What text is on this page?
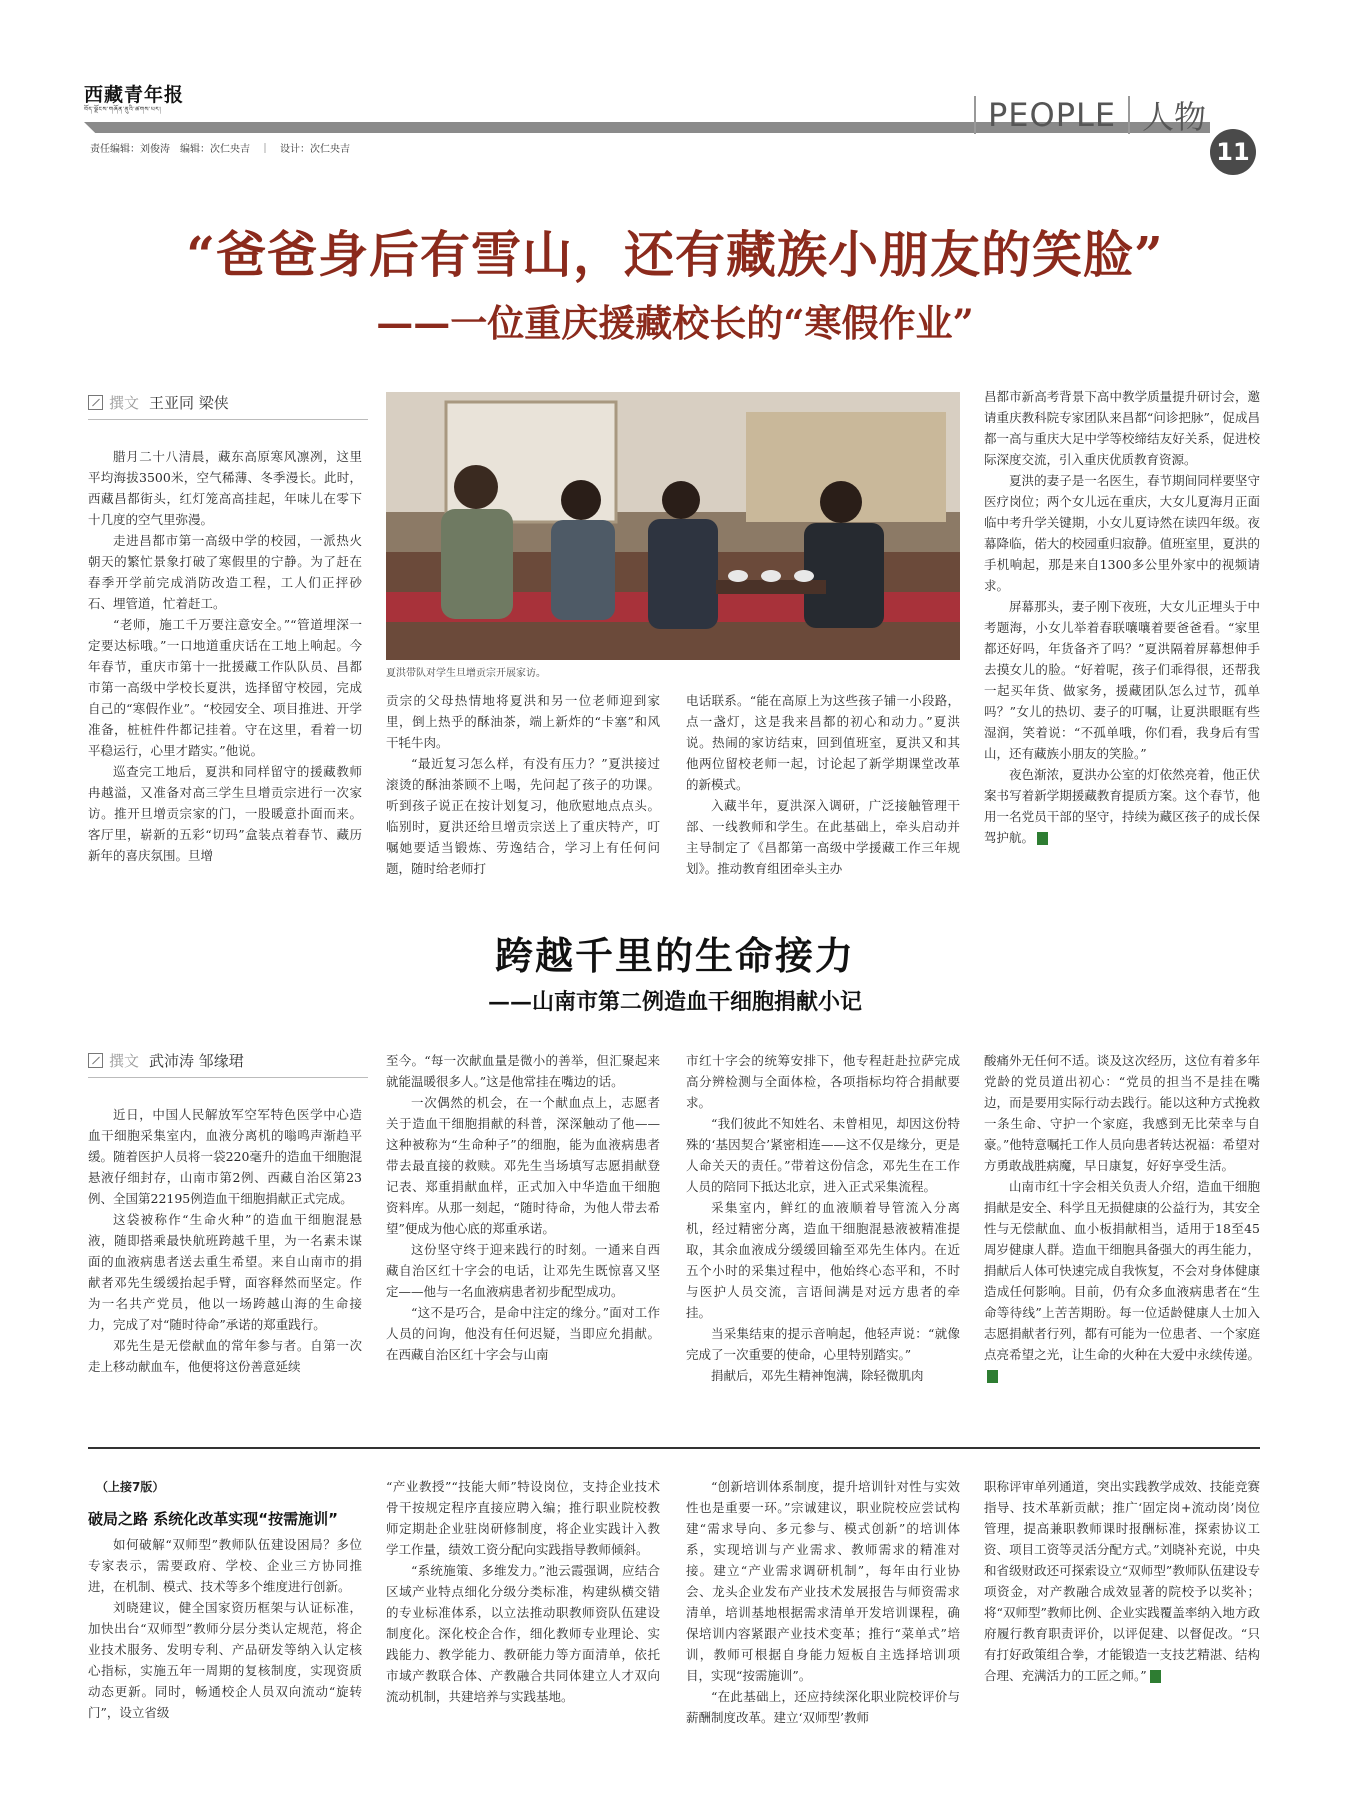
西藏青年报
བོད་ལྗོངས་གཞོན་ནུའི་ཚགས་པར།
责任编辑：刘俊涛　编辑：次仁央吉　｜　设计：次仁央吉
PEOPLE 人物
11
“爸爸身后有雪山，还有藏族小朋友的笑脸”
——一位重庆援藏校长的“寒假作业”
撰文 王亚同 梁侠

腊月二十八清晨，藏东高原寒风凛冽，这里平均海拔3500米，空气稀薄、冬季漫长。此时，西藏昌都街头，红灯笼高高挂起，年味儿在零下十几度的空气里弥漫。

走进昌都市第一高级中学的校园，一派热火朝天的繁忙景象打破了寒假里的宁静。为了赶在春季开学前完成消防改造工程，工人们正抨砂石、埋管道，忙着赶工。

“老师，施工千万要注意安全。”“管道埋深一定要达标哦。”一口地道重庆话在工地上响起。今年春节，重庆市第十一批援藏工作队队员、昌都市第一高级中学校长夏洪，选择留守校园，完成自己的“寒假作业”。“校园安全、项目推进、开学准备，桩桩件件都记挂着。守在这里，看着一切平稳运行，心里才踏实。”他说。

巡查完工地后，夏洪和同样留守的援藏教师冉越溢，又准备对高三学生旦增贡宗进行一次家访。推开旦增贡宗家的门，一股暖意扑面而来。客厅里，崭新的五彩“切玛”盒装点着春节、藏历新年的喜庆氛围。旦增

夏洪带队对学生旦增贡宗开展家访。

贡宗的父母热情地将夏洪和另一位老师迎到家里，倒上热乎的酥油茶，端上新炸的“卡塞”和风干牦牛肉。

“最近复习怎么样，有没有压力？”夏洪接过滚烫的酥油茶顾不上喝，先问起了孩子的功课。听到孩子说正在按计划复习，他欣慰地点点头。临别时，夏洪还给旦增贡宗送上了重庆特产，叮嘱她要适当锻炼、劳逸结合，学习上有任何问题，随时给老师打

电话联系。“能在高原上为这些孩子铺一小段路，点一盏灯，这是我来昌都的初心和动力。”夏洪说。热闹的家访结束，回到值班室，夏洪又和其他两位留校老师一起，讨论起了新学期课堂改革的新模式。

入藏半年，夏洪深入调研，广泛接触管理干部、一线教师和学生。在此基础上，牵头启动并主导制定了《昌都第一高级中学援藏工作三年规划》。推动教育组团牵头主办

昌都市新高考背景下高中教学质量提升研讨会，邀请重庆教科院专家团队来昌都“问诊把脉”，促成昌都一高与重庆大足中学等校缔结友好关系，促进校际深度交流，引入重庆优质教育资源。

夏洪的妻子是一名医生，春节期间同样要坚守医疗岗位；两个女儿远在重庆，大女儿夏海月正面临中考升学关键期，小女儿夏诗然在读四年级。夜幕降临，偌大的校园重归寂静。值班室里，夏洪的手机响起，那是来自1300多公里外家中的视频请求。

屏幕那头，妻子刚下夜班，大女儿正埋头于中考题海，小女儿举着春联嚷嚷着要爸爸看。“家里都还好吗，年货备齐了吗？”夏洪隔着屏幕想伸手去摸女儿的脸。“好着呢，孩子们乖得很，还帮我一起买年货、做家务，援藏团队怎么过节，孤单吗？”女儿的热切、妻子的叮嘱，让夏洪眼眶有些湿润，笑着说：“不孤单哦，你们看，我身后有雪山，还有藏族小朋友的笑脸。”

夜色渐浓，夏洪办公室的灯依然亮着，他正伏案书写着新学期援藏教育提质方案。这个春节，他用一名党员干部的坚守，持续为藏区孩子的成长保驾护航。

跨越千里的生命接力
——山南市第二例造血干细胞捐献小记
撰文 武沛涛 邹缘珺

近日，中国人民解放军空军特色医学中心造血干细胞采集室内，血液分离机的嗡鸣声渐趋平缓。随着医护人员将一袋220毫升的造血干细胞混悬液仔细封存，山南市第2例、西藏自治区第23例、全国第22195例造血干细胞捐献正式完成。

这袋被称作“生命火种”的造血干细胞混悬液，随即搭乘最快航班跨越千里，为一名素未谋面的血液病患者送去重生希望。来自山南市的捐献者邓先生缓缓抬起手臂，面容释然而坚定。作为一名共产党员，他以一场跨越山海的生命接力，完成了对“随时待命”承诺的郑重践行。

邓先生是无偿献血的常年参与者。自第一次走上移动献血车，他便将这份善意延续

至今。“每一次献血量是微小的善举，但汇聚起来就能温暖很多人。”这是他常挂在嘴边的话。

一次偶然的机会，在一个献血点上，志愿者关于造血干细胞捐献的科普，深深触动了他——这种被称为“生命种子”的细胞，能为血液病患者带去最直接的救赎。邓先生当场填写志愿捐献登记表、郑重捐献血样，正式加入中华造血干细胞资料库。从那一刻起，“随时待命，为他人带去希望”便成为他心底的郑重承诺。

这份坚守终于迎来践行的时刻。一通来自西藏自治区红十字会的电话，让邓先生既惊喜又坚定——他与一名血液病患者初步配型成功。

“这不是巧合，是命中注定的缘分。”面对工作人员的问询，他没有任何迟疑，当即应允捐献。在西藏自治区红十字会与山南

市红十字会的统筹安排下，他专程赶赴拉萨完成高分辨检测与全面体检，各项指标均符合捐献要求。

“我们彼此不知姓名、未曾相见，却因这份特殊的‘基因契合’紧密相连——这不仅是缘分，更是人命关天的责任。”带着这份信念，邓先生在工作人员的陪同下抵达北京，进入正式采集流程。

采集室内，鲜红的血液顺着导管流入分离机，经过精密分离，造血干细胞混悬液被精准提取，其余血液成分缓缓回输至邓先生体内。在近五个小时的采集过程中，他始终心态平和，不时与医护人员交流，言语间满是对远方患者的牵挂。

当采集结束的提示音响起，他轻声说：“就像完成了一次重要的使命，心里特别踏实。”

捐献后，邓先生精神饱满，除轻微肌肉

酸痛外无任何不适。谈及这次经历，这位有着多年党龄的党员道出初心：“党员的担当不是挂在嘴边，而是要用实际行动去践行。能以这种方式挽救一条生命、守护一个家庭，我感到无比荣幸与自豪。”他特意嘱托工作人员向患者转达祝福：希望对方勇敢战胜病魔，早日康复，好好享受生活。

山南市红十字会相关负责人介绍，造血干细胞捐献是安全、科学且无损健康的公益行为，其安全性与无偿献血、血小板捐献相当，适用于18至45周岁健康人群。造血干细胞具备强大的再生能力，捐献后人体可快速完成自我恢复，不会对身体健康造成任何影响。目前，仍有众多血液病患者在“生命等待线”上苦苦期盼。每一位适龄健康人士加入志愿捐献者行列，都有可能为一位患者、一个家庭点亮希望之光，让生命的火种在大爱中永续传递。

（上接7版）
破局之路 系统化改革实现“按需施训”

如何破解“双师型”教师队伍建设困局？多位专家表示，需要政府、学校、企业三方协同推进，在机制、模式、技术等多个维度进行创新。

刘晓建议，健全国家资历框架与认证标准，加快出台“双师型”教师分层分类认定规范，将企业技术服务、发明专利、产品研发等纳入认定核心指标，实施五年一周期的复核制度，实现资质动态更新。同时，畅通校企人员双向流动“旋转门”，设立省级

“产业教授”“技能大师”特设岗位，支持企业技术骨干按规定程序直接应聘入编；推行职业院校教师定期赴企业驻岗研修制度，将企业实践计入教学工作量，绩效工资分配向实践指导教师倾斜。

“系统施策、多维发力。”池云霞强调，应结合区域产业特点细化分级分类标准，构建纵横交错的专业标准体系，以立法推动职教师资队伍建设制度化。深化校企合作，细化教师专业理论、实践能力、教学能力、教研能力等方面清单，依托市域产教联合体、产教融合共同体建立人才双向流动机制，共建培养与实践基地。

“创新培训体系制度，提升培训针对性与实效性也是重要一环。”宗诚建议，职业院校应尝试构建“需求导向、多元参与、模式创新”的培训体系，实现培训与产业需求、教师需求的精准对接。建立“产业需求调研机制”，每年由行业协会、龙头企业发布产业技术发展报告与师资需求清单，培训基地根据需求清单开发培训课程，确保培训内容紧跟产业技术变革；推行“菜单式”培训，教师可根据自身能力短板自主选择培训项目，实现“按需施训”。

“在此基础上，还应持续深化职业院校评价与薪酬制度改革。建立‘双师型’教师

职称评审单列通道，突出实践教学成效、技能竞赛指导、技术革新贡献；推广‘固定岗+流动岗’岗位管理，提高兼职教师课时报酬标准，探索协议工资、项目工资等灵活分配方式。”刘晓补充说，中央和省级财政还可探索设立“双师型”教师队伍建设专项资金，对产教融合成效显著的院校予以奖补；将“双师型”教师比例、企业实践覆盖率纳入地方政府履行教育职责评价，以评促建、以督促改。“只有打好政策组合拳，才能锻造一支技艺精湛、结构合理、充满活力的工匠之师。”
